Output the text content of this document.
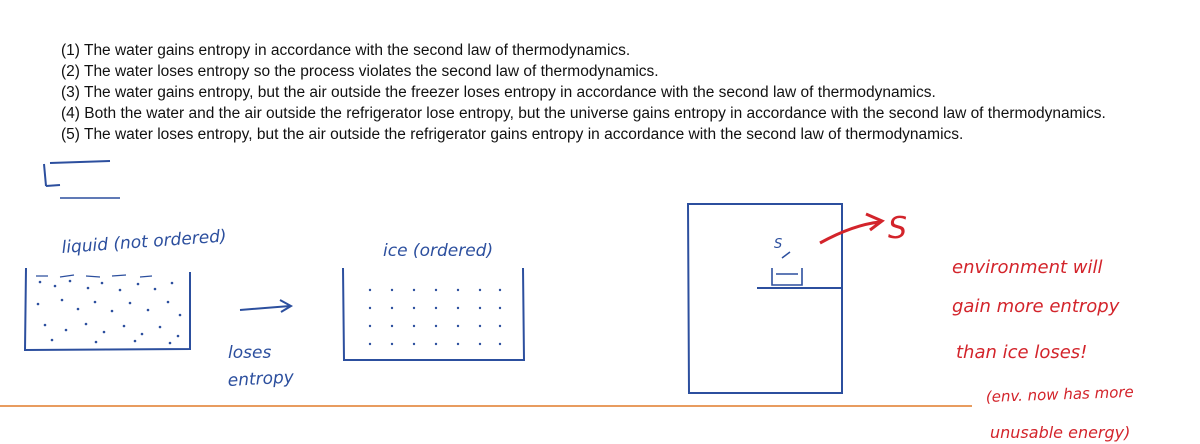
(1) The water gains entropy in accordance with the second law of thermodynamics.

(2) The water loses entropy so the process violates the second law of thermodynamics.

(3) The water gains entropy, but the air outside the freezer loses entropy in accordance with the second law of thermodynamics.

(4) Both the water and the air outside the refrigerator lose entropy, but the universe gains entropy in accordance with the second law of thermodynamics.

(5) The water loses entropy, but the air outside the refrigerator gains entropy in accordance with the second law of thermodynamics.

liquid (not ordered)
loses
entropy
ice (ordered)	S	S
environment will
gain more entropy
than ice loses!
(env. now has more
unusable energy)
